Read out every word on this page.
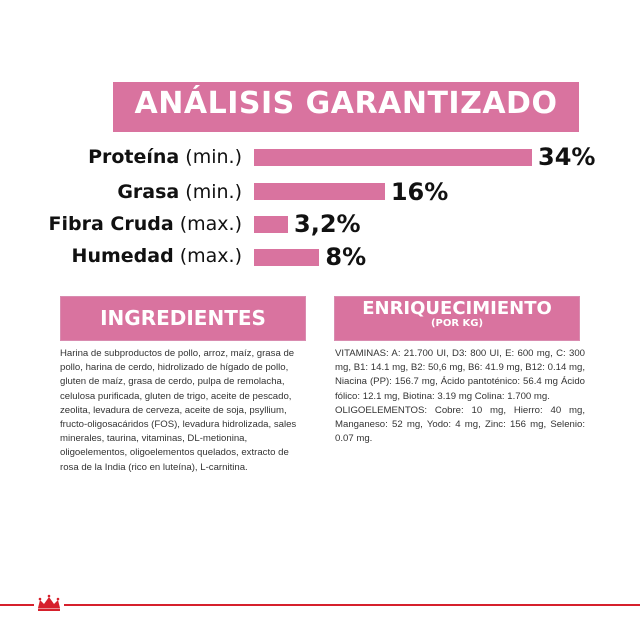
ANÁLISIS GARANTIZADO
Proteína (min.)	34%
Grasa (min.)	16%
Fibra Cruda (max.) 3,2%
Humedad (max.)	8%
INGREDIENTES
Harina de subproductos de pollo, arroz, maíz, grasa de pollo, harina de cerdo, hidrolizado de hígado de pollo, gluten de maíz, grasa de cerdo, pulpa de remolacha, celulosa purificada, gluten de trigo, aceite de pescado, zeolita, levadura de cerveza, aceite de soja, psyllium, fructo-oligosacáridos (FOS), levadura hidrolizada, sales minerales, taurina, vitaminas, DL-metionina, oligoelementos, oligoelementos quelados, extracto de rosa de la India (rico en luteína), L-carnitina.
ENRIQUECIMIENTO
(POR KG)

VITAMINAS: A: 21.700 UI, D3: 800 UI, E: 600 mg, C: 300 mg, B1: 14.1 mg, B2: 50,6 mg, B6: 41.9 mg, B12: 0.14 mg, Niacina (PP): 156.7 mg, Ácido pantoténico: 56.4 mg Ácido fólico: 12.1 mg, Biotina: 3.19 mg Colina: 1.700 mg.

OLIGOELEMENTOS: Cobre: 10 mg, Hierro: 40 mg, Manganeso: 52 mg, Yodo: 4 mg, Zinc: 156 mg, Selenio: 0.07 mg.
